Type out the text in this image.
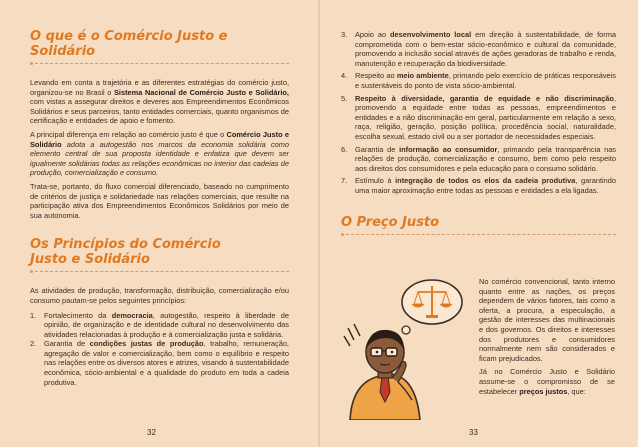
O que é o Comércio Justo e Solidário

Levando em conta a trajetória e as diferentes estratégias do comércio justo, organizou-se no Brasil o Sistema Nacional de Comércio Justo e Solidário, com vistas a assegurar direitos e deveres aos Empreendimentos Econômicos Solidários e seus parceiros, tanto entidades comerciais, quanto organismos de certificação e entidades de apoio e fomento.

A principal diferença em relação ao comércio justo é que o Comércio Justo e Solidário adota a autogestão nos marcos da economia solidária como elemento central de sua proposta identidade e enfatiza que devem ser igualmente solidárias todas as relações econômicas no interior das cadeias de produção, comercialização e consumo.

Trata-se, portanto, do fluxo comercial diferenciado, baseado no cumprimento de critérios de justiça e solidariedade nas relações comerciais, que resulte na participação ativa dos Empreendimentos Econômicos Solidários por meio de sua autonomia.

Os Princípios do Comércio
Justo e Solidário

As atividades de produção, transformação, distribuição, comercialização e/ou consumo pautam-se pelos seguintes princípios:

1. Fortalecimento da democracia, autogestão, respeito à liberdade de opinião, de organização e de identidade cultural no desenvolvimento das atividades relacionadas à produção e à comercialização justa e solidária.
2. Garantia de condições justas de produção, trabalho, remuneração, agregação de valor e comercialização, bem como o equilíbrio e respeito nas relações entre os diversos atores e atrizes, visando à sustentabilidade econômica, sócio-ambiental e a qualidade do produto em toda a cadeia produtiva.
32
3. Apoio ao desenvolvimento local em direção à sustentabilidade, de forma comprometida com o bem-estar sócio-econômico e cultural da comunidade, promovendo a inclusão social através de ações geradoras de trabalho e renda, manutenção e recuperação da biodiversidade.
4. Respeito ao meio ambiente, primando pelo exercício de práticas responsáveis e sustentáveis do ponto de vista sócio-ambiental.
5. Respeito à diversidade, garantia de equidade e não discriminação, promovendo a equidade entre todas as pessoas, empreendimentos e entidades e a não discriminação em geral, particularmente em relação a sexo, raça, religião, geração, posição política, procedência social, naturalidade, escolha sexual, estado civil ou a ser portador de necessidades especiais.
6. Garantia de informação ao consumidor, primando pela transparência nas relações de produção, comercialização e consumo, bem como pelo respeito aos direitos dos consumidores e pela educação para o consumo solidário.
7. Estímulo à integração de todos os elos da cadeia produtiva, garantindo uma maior aproximação entre todas as pessoas e entidades a ela ligadas.
O Preço Justo

No comércio convencional, tanto interno quanto entre as nações, os preços dependem de vários fatores, tais como a oferta, a procura, a especulação, a gestão de interesses das multinacionais e dos governos. Os direitos e interesses dos produtores e consumidores normalmente nem são considerados e ficam prejudicados.

Já no Comércio Justo e Solidário assume-se o compromisso de se estabelecer preços justos, que:

33
